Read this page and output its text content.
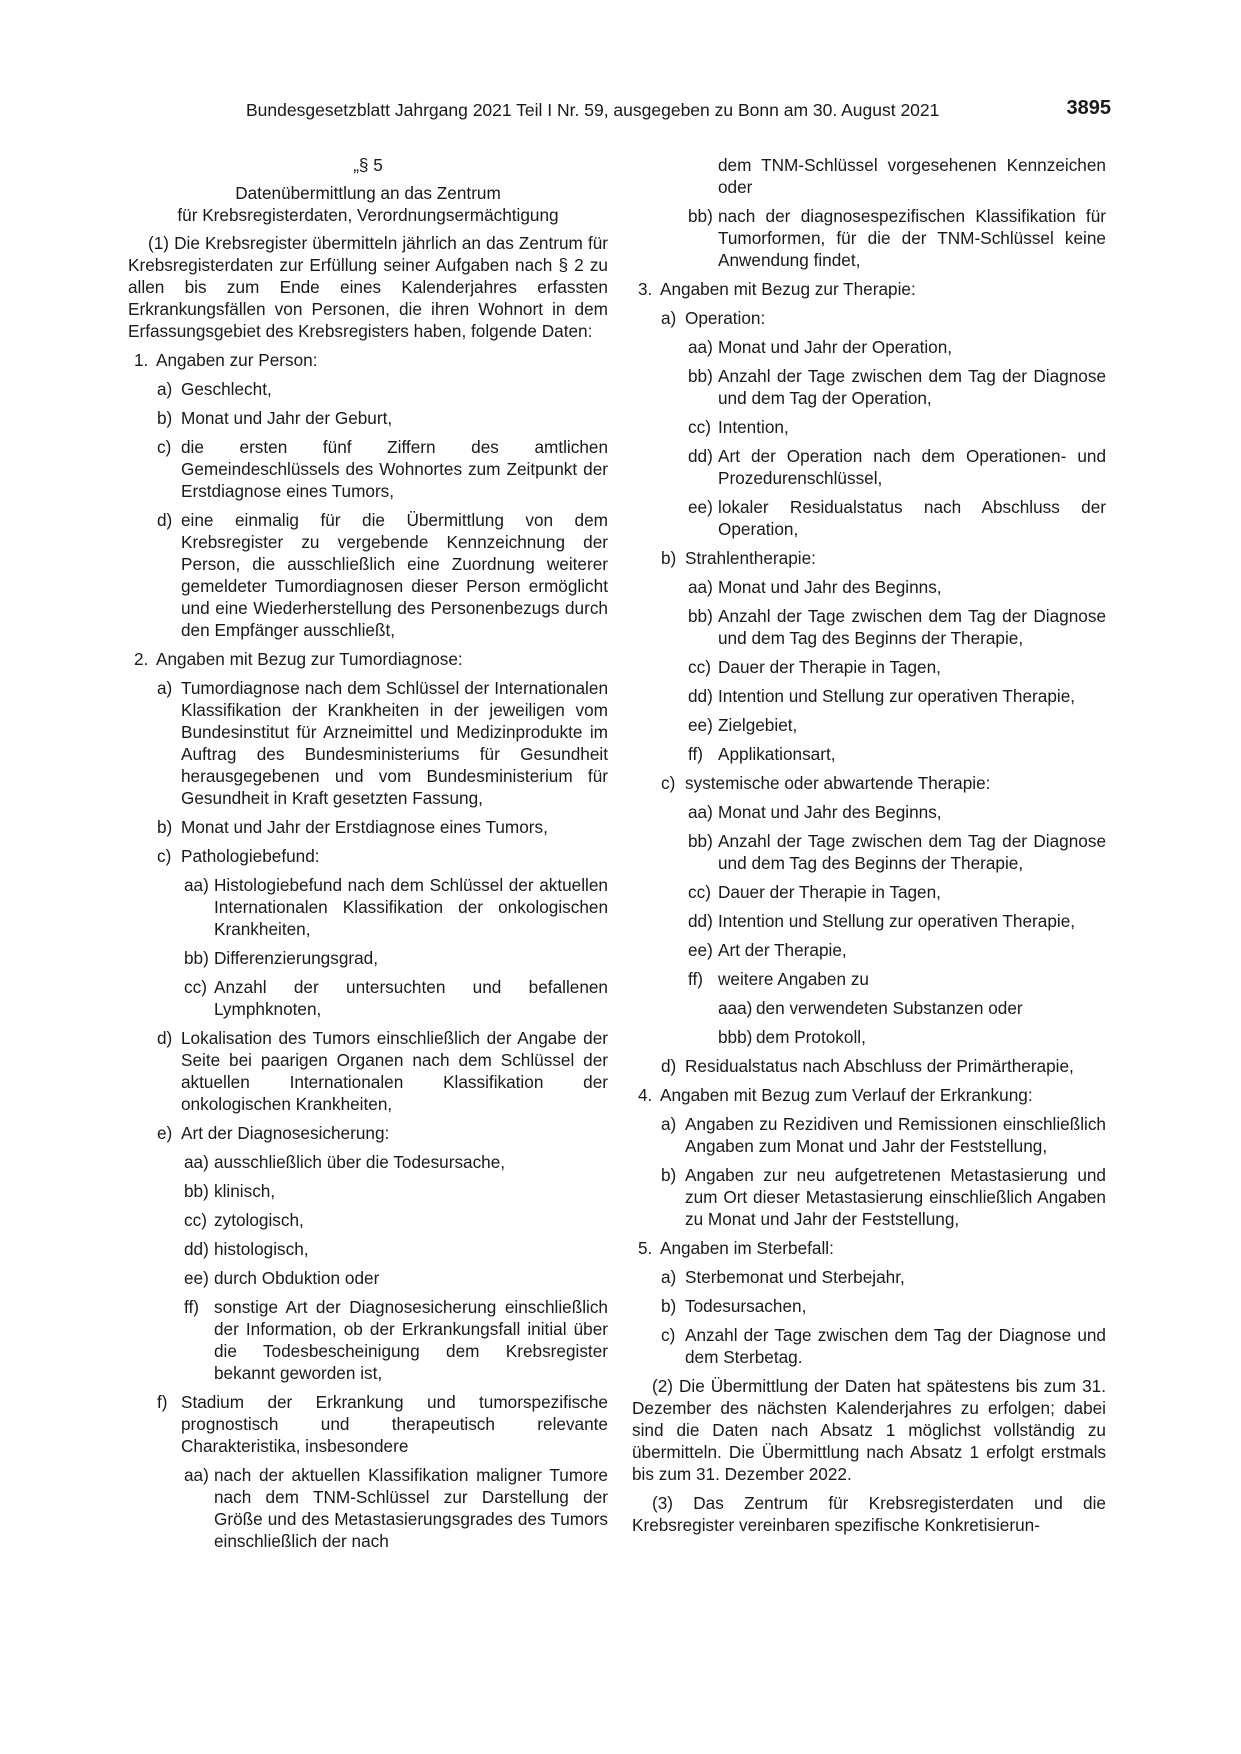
Bundesgesetzblatt Jahrgang 2021 Teil I Nr. 59, ausgegeben zu Bonn am 30. August 2021	3895

„§ 5

Datenübermittlung an das Zentrum

für Krebsregisterdaten, Verordnungsermächtigung

(1) Die Krebsregister übermitteln jährlich an das Zentrum für Krebsregisterdaten zur Erfüllung seiner Aufgaben nach § 2 zu allen bis zum Ende eines Kalenderjahres erfassten Erkrankungsfällen von Personen, die ihren Wohnort in dem Erfassungsgebiet des Krebsregisters haben, folgende Daten:

1. Angaben zur Person:

a) Geschlecht,

b) Monat und Jahr der Geburt,

c) die ersten fünf Ziffern des amtlichen Gemeindeschlüssels des Wohnortes zum Zeitpunkt der Erstdiagnose eines Tumors,

d) eine einmalig für die Übermittlung von dem Krebsregister zu vergebende Kennzeichnung der Person, die ausschließlich eine Zuordnung weiterer gemeldeter Tumordiagnosen dieser Person ermöglicht und eine Wiederherstellung des Personenbezugs durch den Empfänger ausschließt,

2. Angaben mit Bezug zur Tumordiagnose:

a) Tumordiagnose nach dem Schlüssel der Internationalen Klassifikation der Krankheiten in der jeweiligen vom Bundesinstitut für Arzneimittel und Medizinprodukte im Auftrag des Bundesministeriums für Gesundheit herausgegebenen und vom Bundesministerium für Gesundheit in Kraft gesetzten Fassung,

b) Monat und Jahr der Erstdiagnose eines Tumors,

c) Pathologiebefund:

aa) Histologiebefund nach dem Schlüssel der aktuellen Internationalen Klassifikation der onkologischen Krankheiten,

bb) Differenzierungsgrad,

cc) Anzahl der untersuchten und befallenen Lymphknoten,

d) Lokalisation des Tumors einschließlich der Angabe der Seite bei paarigen Organen nach dem Schlüssel der aktuellen Internationalen Klassifikation der onkologischen Krankheiten,

e) Art der Diagnosesicherung:

aa) ausschließlich über die Todesursache,

bb) klinisch,

cc) zytologisch,

dd) histologisch,

ee) durch Obduktion oder

ff) sonstige Art der Diagnosesicherung einschließlich der Information, ob der Erkrankungsfall initial über die Todesbescheinigung dem Krebsregister bekannt geworden ist,

f) Stadium der Erkrankung und tumorspezifische prognostisch und therapeutisch relevante Charakteristika, insbesondere

aa) nach der aktuellen Klassifikation maligner Tumore nach dem TNM-Schlüssel zur Darstellung der Größe und des Metastasierungsgrades des Tumors einschließlich der nach

dem TNM-Schlüssel vorgesehenen Kennzeichen oder

bb) nach der diagnosespezifischen Klassifikation für Tumorformen, für die der TNM-Schlüssel keine Anwendung findet,

3. Angaben mit Bezug zur Therapie:

a) Operation:

aa) Monat und Jahr der Operation,

bb) Anzahl der Tage zwischen dem Tag der Diagnose und dem Tag der Operation,

cc) Intention,

dd) Art der Operation nach dem Operationen- und Prozedurenschlüssel,

ee) lokaler Residualstatus nach Abschluss der Operation,

b) Strahlentherapie:

aa) Monat und Jahr des Beginns,

bb) Anzahl der Tage zwischen dem Tag der Diagnose und dem Tag des Beginns der Therapie,

cc) Dauer der Therapie in Tagen,

dd) Intention und Stellung zur operativen Therapie,

ee) Zielgebiet,

ff) Applikationsart,

c) systemische oder abwartende Therapie:

aa) Monat und Jahr des Beginns,

bb) Anzahl der Tage zwischen dem Tag der Diagnose und dem Tag des Beginns der Therapie,

cc) Dauer der Therapie in Tagen,

dd) Intention und Stellung zur operativen Therapie,

ee) Art der Therapie,

ff) weitere Angaben zu

aaa) den verwendeten Substanzen oder

bbb) dem Protokoll,

d) Residualstatus nach Abschluss der Primärtherapie,

4. Angaben mit Bezug zum Verlauf der Erkrankung:

a) Angaben zu Rezidiven und Remissionen einschließlich Angaben zum Monat und Jahr der Feststellung,

b) Angaben zur neu aufgetretenen Metastasierung und zum Ort dieser Metastasierung einschließlich Angaben zu Monat und Jahr der Feststellung,

5. Angaben im Sterbefall:

a) Sterbemonat und Sterbejahr,

b) Todesursachen,

c) Anzahl der Tage zwischen dem Tag der Diagnose und dem Sterbetag.

(2) Die Übermittlung der Daten hat spätestens bis zum 31. Dezember des nächsten Kalenderjahres zu erfolgen; dabei sind die Daten nach Absatz 1 möglichst vollständig zu übermitteln. Die Übermittlung nach Absatz 1 erfolgt erstmals bis zum 31. Dezember 2022.

(3) Das Zentrum für Krebsregisterdaten und die Krebsregister vereinbaren spezifische Konkretisierun-
